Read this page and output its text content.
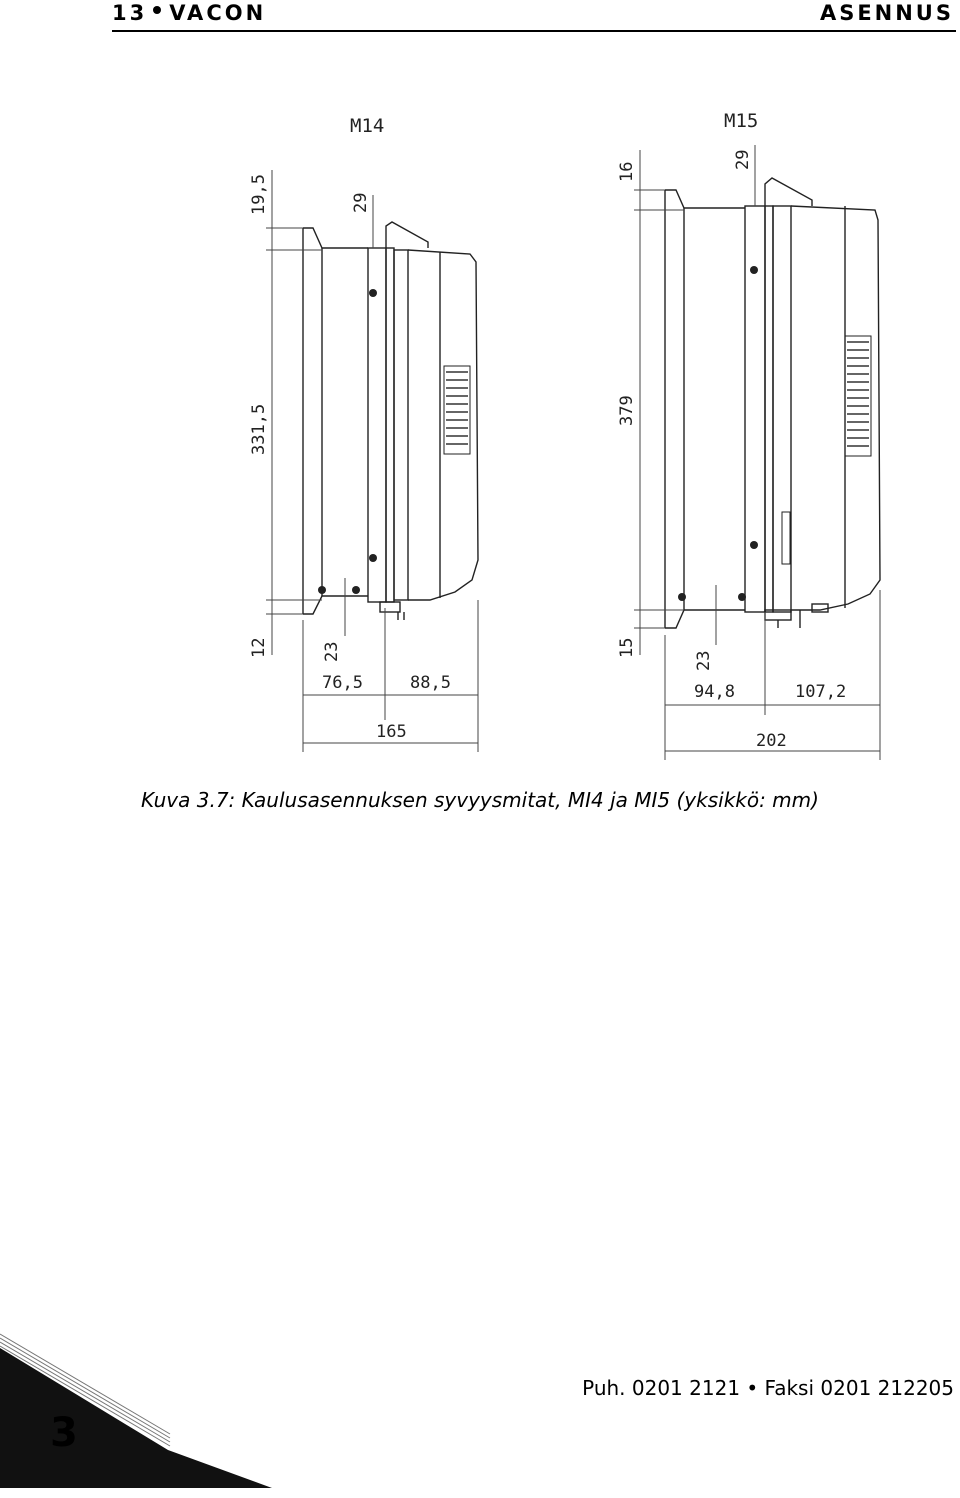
13 VACON	ASENNUS
M14
19,5
331,5
12
29
23
76,5	88,5
165
M15
16
379
15
29
23
94,8	107,2
202
Kuva 3.7: Kaulusasennuksen syvyysmitat, MI4 ja MI5 (yksikkö: mm)
3
Puh. 0201 2121 • Faksi 0201 212205
